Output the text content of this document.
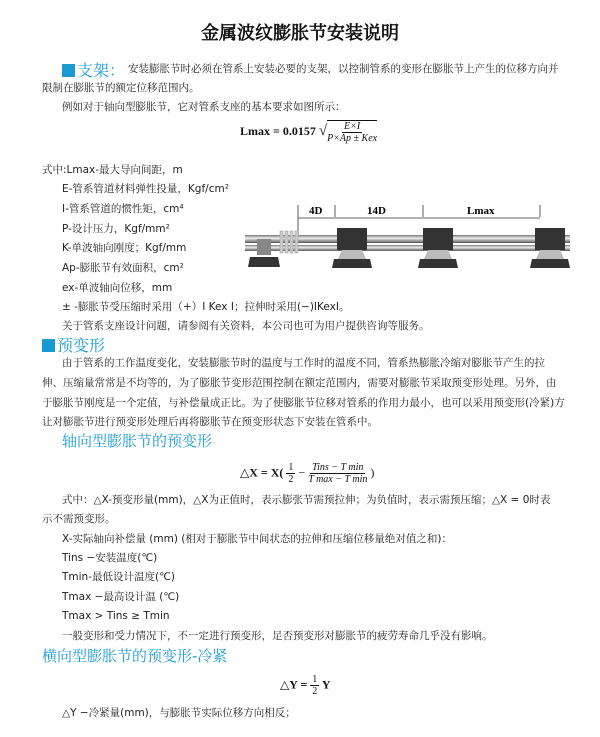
金属波纹膨胀节安装说明
支架： 安装膨胀节时必须在管系上安装必要的支架，以控制管系的变形在膨胀节上产生的位移方向并
限制在膨胀节的额定位移范围内。
例如对于轴向型膨胀节，它对管系支座的基本要求如图所示：
Lmax = 0.0157 √ $\frac{E\times I}{\text{P×Ap ± Kex}}$
式中:Lmax-最大导向间距，m
E-管系管道材料弹性投量，Kgf/cm²
I-管系管道的惯性矩，cm⁴
P-设计压力，Kgf/mm²
K-单波轴向刚度；Kgf/mm
Ap-膨胀节有效面积，cm²
ex-单波轴向位移，mm
± -膨胀节受压缩时采用（+）I Kex I；拉伸时采用(−)IKexI。
关于管系支座设计问题，请参阅有关资料，本公司也可为用户提供咨询等服务。
4D	14D	Lmax
预变形
由于管系的工作温度变化，安装膨胀节时的温度与工作时的温度不同，管系热膨胀冷缩对膨胀节产生的拉
伸、压缩量常常是不均等的，为了膨胀节变形范围控制在额定范围内，需要对膨胀节采取预变形处理。另外，由
于膨胀节刚度是一个定值，与补偿量成正比。为了使膨胀节位移对管系的作用力最小，也可以采用预变形(冷紧)方
让对膨胀节进行预变形处理后再将膨胀节在预变形状态下安装在管系中。
轴向型膨胀节的预变形
△X = $X( \frac{1}{2} - \frac{\text{Tins − T min}}{\text{T max − T min}}$ )
式中：△X-预变形量(mm)，△X为正值时，表示膨张节需预拉伸；为负值时，表示需预压缩；△X = 0时表
示不需预变形。
X-实际轴向补偿量 (mm) (相对于膨胀节中间状态的拉伸和压缩位移量绝对值之和)：
Tins −安装温度(℃)
Tmin-最低设计温度(℃)
Tmax −最高设计温 (℃)
Tmax > Tins ≥ Tmin
一般变形和受力情况下，不一定进行预变形，足否预变形对膨胀节的疲劳寿命几乎没有影响。
横向型膨胀节的预变形-冷紧
△Y = $\frac{1}{2}$ Y
△Y −冷紧量(mm)，与膨胀节实际位移方向相反；
